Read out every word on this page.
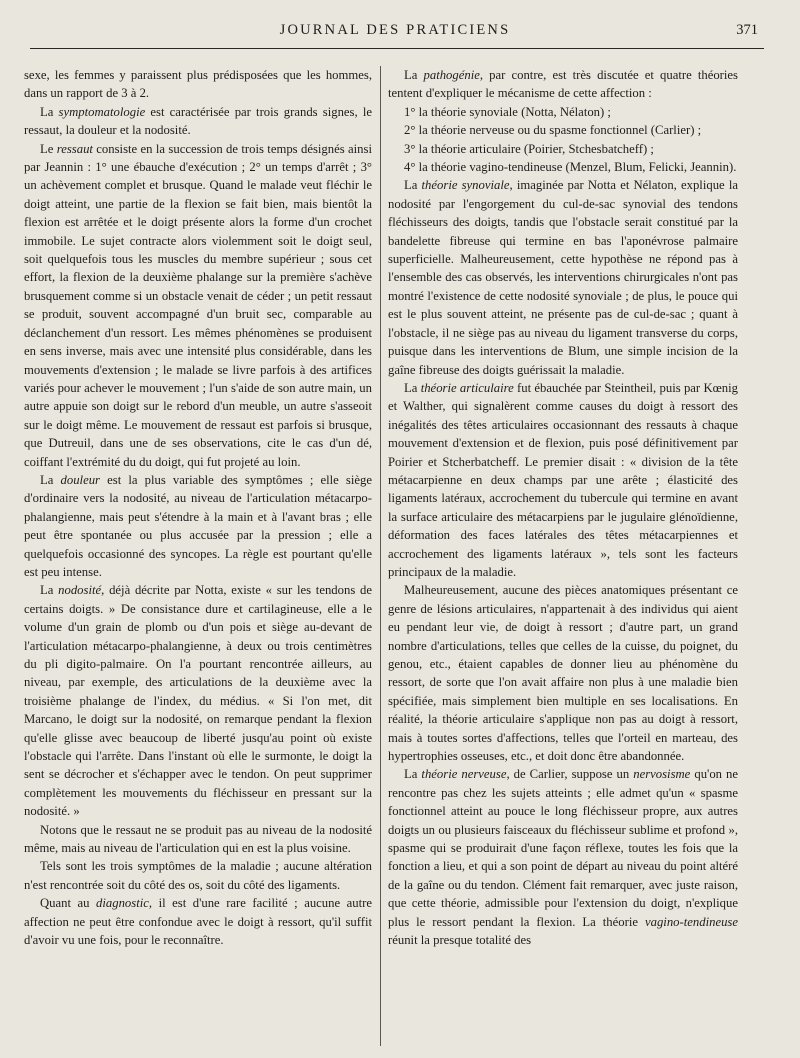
JOURNAL DES PRATICIENS	371

sexe, les femmes y paraissent plus prédisposées que les hommes, dans un rapport de 3 à 2.

La symptomatologie est caractérisée par trois grands signes, le ressaut, la douleur et la nodosité.

Le ressaut consiste en la succession de trois temps désignés ainsi par Jeannin : 1° une ébauche d'exécution ; 2° un temps d'arrêt ; 3° un achèvement complet et brusque. Quand le malade veut fléchir le doigt atteint, une partie de la flexion se fait bien, mais bientôt la flexion est arrêtée et le doigt présente alors la forme d'un crochet immobile. Le sujet contracte alors violemment soit le doigt seul, soit quelquefois tous les muscles du membre supérieur ; sous cet effort, la flexion de la deuxième phalange sur la première s'achève brusquement comme si un obstacle venait de céder ; un petit ressaut se produit, souvent accompagné d'un bruit sec, comparable au déclanchement d'un ressort. Les mêmes phénomènes se produisent en sens inverse, mais avec une intensité plus considérable, dans les mouvements d'extension ; le malade se livre parfois à des artifices variés pour achever le mouvement ; l'un s'aide de son autre main, un autre appuie son doigt sur le rebord d'un meuble, un autre s'asseoit sur le doigt même. Le mouvement de ressaut est parfois si brusque, que Dutreuil, dans une de ses observations, cite le cas d'un dé, coiffant l'extrémité du du doigt, qui fut projeté au loin.

La douleur est la plus variable des symptômes ; elle siège d'ordinaire vers la nodosité, au niveau de l'articulation métacarpo-phalangienne, mais peut s'étendre à la main et à l'avant bras ; elle peut être spontanée ou plus accusée par la pression ; elle a quelquefois occasionné des syncopes. La règle est pourtant qu'elle est peu intense.

La nodosité, déjà décrite par Notta, existe « sur les tendons de certains doigts. » De consistance dure et cartilagineuse, elle a le volume d'un grain de plomb ou d'un pois et siège au-devant de l'articulation métacarpo-phalangienne, à deux ou trois centimètres du pli digito-palmaire. On l'a pourtant rencontrée ailleurs, au niveau, par exemple, des articulations de la deuxième avec la troisième phalange de l'index, du médius. « Si l'on met, dit Marcano, le doigt sur la nodosité, on remarque pendant la flexion qu'elle glisse avec beaucoup de liberté jusqu'au point où existe l'obstacle qui l'arrête. Dans l'instant où elle le surmonte, le doigt la sent se décrocher et s'échapper avec le tendon. On peut supprimer complètement les mouvements du fléchisseur en pressant sur la nodosité. »

Notons que le ressaut ne se produit pas au niveau de la nodosité même, mais au niveau de l'articulation qui en est la plus voisine.

Tels sont les trois symptômes de la maladie ; aucune altération n'est rencontrée soit du côté des os, soit du côté des ligaments.

Quant au diagnostic, il est d'une rare facilité ; aucune autre affection ne peut être confondue avec le doigt à ressort, qu'il suffit d'avoir vu une fois, pour le reconnaître.

La pathogénie, par contre, est très discutée et quatre théories tentent d'expliquer le mécanisme de cette affection :

1° la théorie synoviale (Notta, Nélaton) ;

2° la théorie nerveuse ou du spasme fonctionnel (Carlier) ;

3° la théorie articulaire (Poirier, Stchesbatcheff) ;

4° la théorie vagino-tendineuse (Menzel, Blum, Felicki, Jeannin).

La théorie synoviale, imaginée par Notta et Nélaton, explique la nodosité par l'engorgement du cul-de-sac synovial des tendons fléchisseurs des doigts, tandis que l'obstacle serait constitué par la bandelette fibreuse qui termine en bas l'aponévrose palmaire superficielle. Malheureusement, cette hypothèse ne répond pas à l'ensemble des cas observés, les interventions chirurgicales n'ont pas montré l'existence de cette nodosité synoviale ; de plus, le pouce qui est le plus souvent atteint, ne présente pas de cul-de-sac ; quant à l'obstacle, il ne siège pas au niveau du ligament transverse du corps, puisque dans les interventions de Blum, une simple incision de la gaîne fibreuse des doigts guérissait la maladie.

La théorie articulaire fut ébauchée par Steintheil, puis par Kœnig et Walther, qui signalèrent comme causes du doigt à ressort des inégalités des têtes articulaires occasionnant des ressauts à chaque mouvement d'extension et de flexion, puis posé définitivement par Poirier et Stcherbatcheff. Le premier disait : « division de la tête métacarpienne en deux champs par une arête ; élasticité des ligaments latéraux, accrochement du tubercule qui termine en avant la surface articulaire des métacarpiens par le jugulaire glénoïdienne, déformation des faces latérales des têtes métacarpiennes et accrochement des ligaments latéraux », tels sont les facteurs principaux de la maladie.

Malheureusement, aucune des pièces anatomiques présentant ce genre de lésions articulaires, n'appartenait à des individus qui aient eu pendant leur vie, de doigt à ressort ; d'autre part, un grand nombre d'articulations, telles que celles de la cuisse, du poignet, du genou, etc., étaient capables de donner lieu au phénomène du ressort, de sorte que l'on avait affaire non plus à une maladie bien spécifiée, mais simplement bien multiple en ses localisations. En réalité, la théorie articulaire s'applique non pas au doigt à ressort, mais à toutes sortes d'affections, telles que l'orteil en marteau, des hypertrophies osseuses, etc., et doit donc être abandonnée.

La théorie nerveuse, de Carlier, suppose un nervosisme qu'on ne rencontre pas chez les sujets atteints ; elle admet qu'un « spasme fonctionnel atteint au pouce le long fléchisseur propre, aux autres doigts un ou plusieurs faisceaux du fléchisseur sublime et profond », spasme qui se produirait d'une façon réflexe, toutes les fois que la fonction a lieu, et qui a son point de départ au niveau du point altéré de la gaîne ou du tendon. Clément fait remarquer, avec juste raison, que cette théorie, admissible pour l'extension du doigt, n'explique plus le ressort pendant la flexion. La théorie vagino-tendineuse réunit la presque totalité des
